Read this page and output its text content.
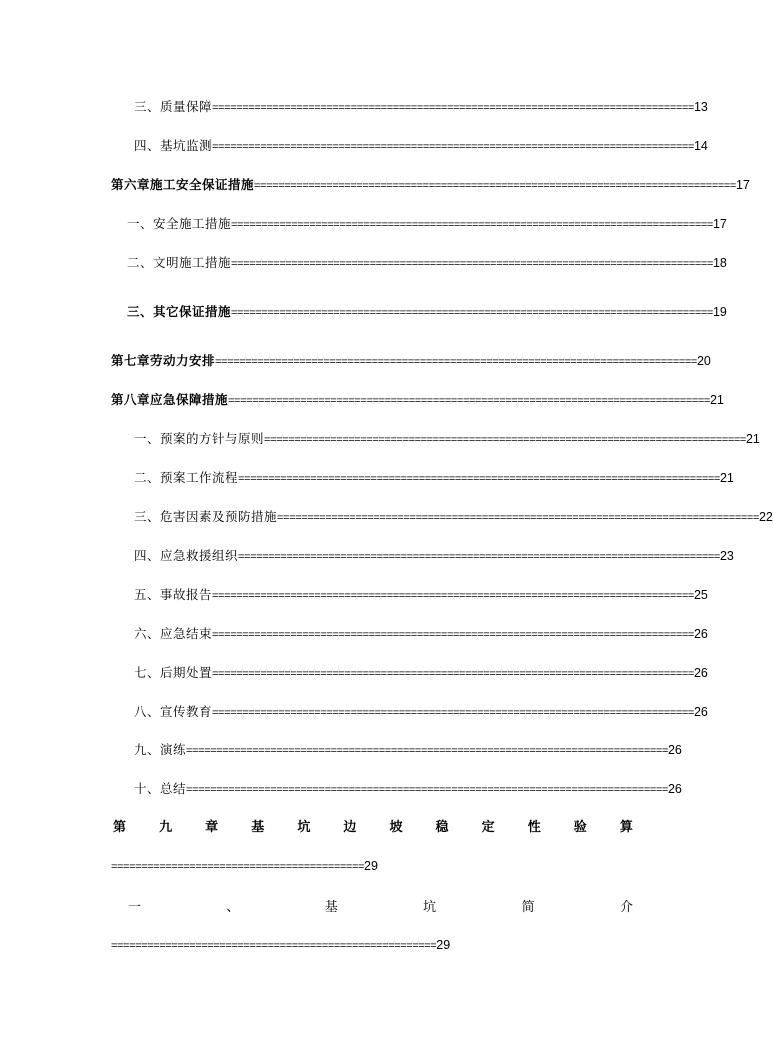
三、质量保障 ================================================================================ 13
四、基坑监测 ================================================================================ 14
第六章施工安全保证措施 ================================================================================ 17
一、安全施工措施 ================================================================================ 17
二、文明施工措施 ================================================================================ 18
三、其它保证措施 ================================================================================ 19
第七章劳动力安排 ================================================================================ 20
第八章应急保障措施 ================================================================================ 21
一、预案的方针与原则 ================================================================================ 21
二、预案工作流程 ================================================================================ 21
三、危害因素及预防措施 ================================================================================ 22
四、应急救援组织 ================================================================================ 23
五、事故报告 ================================================================================ 25
六、应急结束 ================================================================================ 26
七、后期处置 ================================================================================ 26
八、宣传教育 ================================================================================ 26
九、演练 ================================================================================ 26
十、总结 ================================================================================ 26
第	九	章	基	坑	边	坡	稳	定	性	验	算
========================================== 29
一	、	基	坑	简	介
====================================================== 29
